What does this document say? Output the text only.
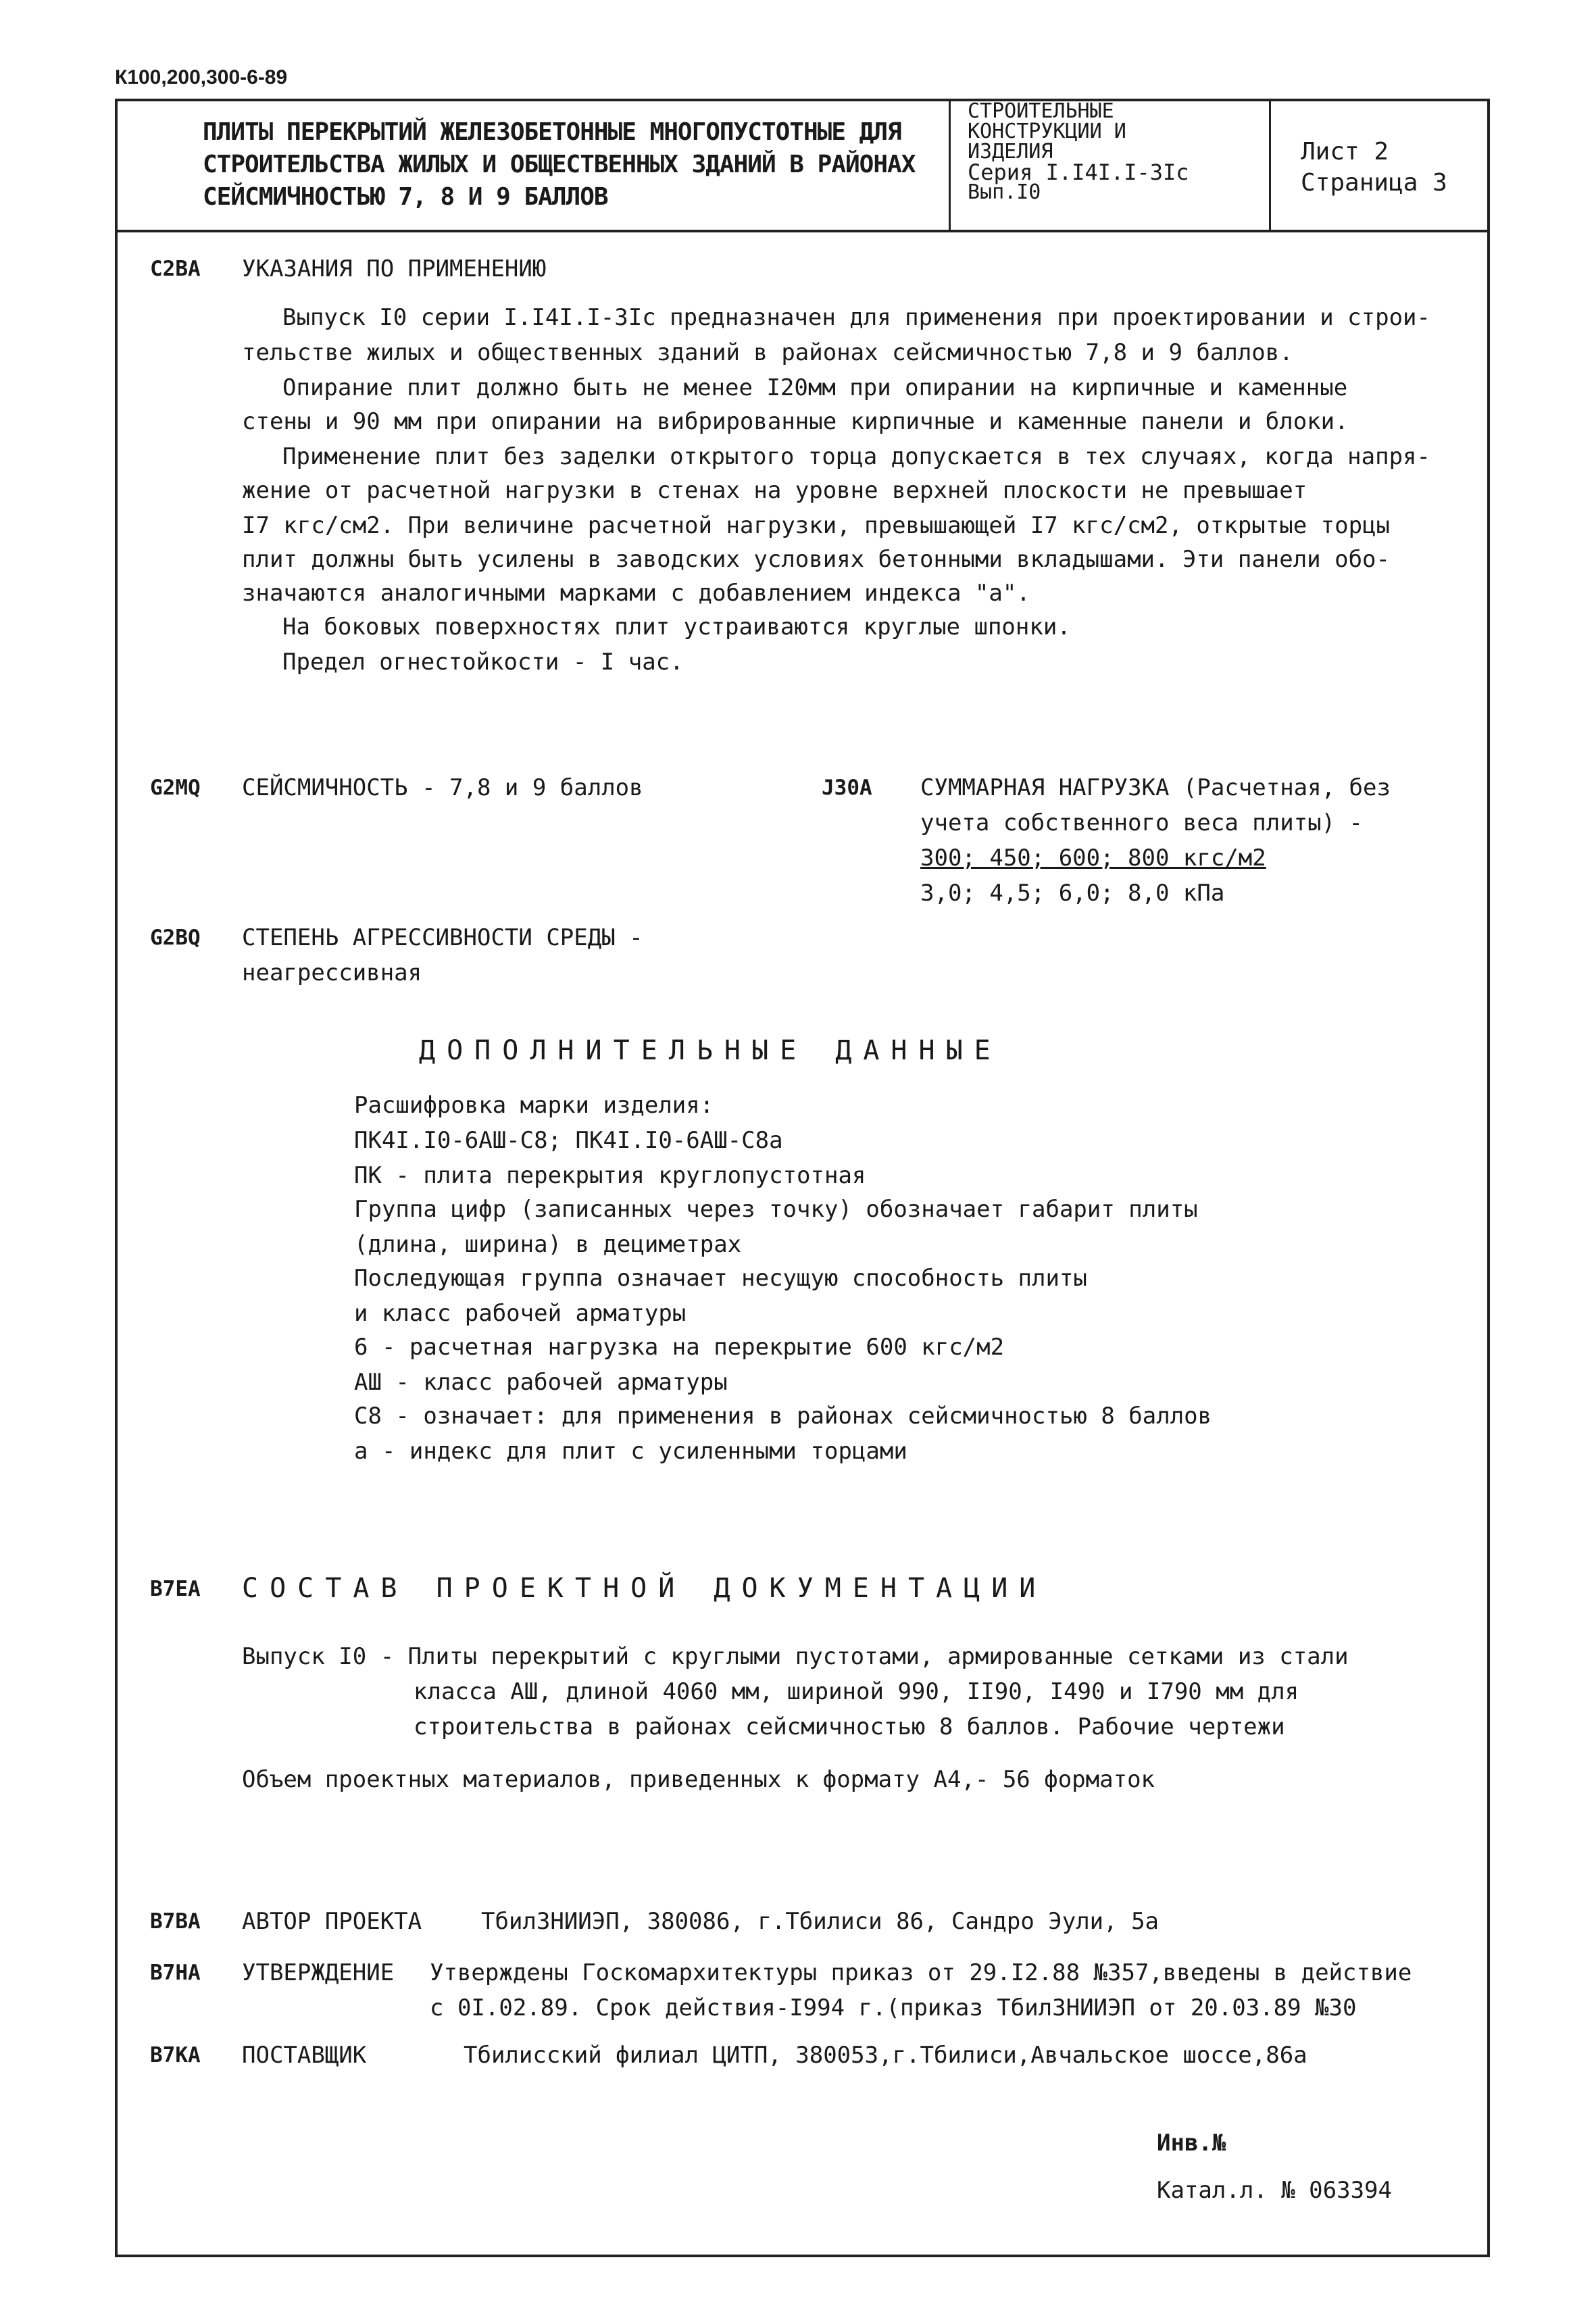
К100,200,300-6-89
ПЛИТЫ ПЕРЕКРЫТИЙ ЖЕЛЕЗОБЕТОННЫЕ МНОГОПУСТОТНЫЕ ДЛЯ
СТРОИТЕЛЬСТВА ЖИЛЫХ И ОБЩЕСТВЕННЫХ ЗДАНИЙ В РАЙОНАХ
СЕЙСМИЧНОСТЬЮ 7, 8 И 9 БАЛЛОВ
СТРОИТЕЛЬНЫЕ
КОНСТРУКЦИИ И
ИЗДЕЛИЯ
Серия I.I4I.I-3Ic
Вып.I0
Лист 2
Страница 3
C2BA УКАЗАНИЯ ПО ПРИМЕНЕНИЮ
Выпуск I0 серии I.I4I.I-3Ic предназначен для применения при проектировании и строи-
тельстве жилых и общественных зданий в районах сейсмичностью 7,8 и 9 баллов.
Опирание плит должно быть не менее I20мм при опирании на кирпичные и каменные
стены и 90 мм при опирании на вибрированные кирпичные и каменные панели и блоки.
Применение плит без заделки открытого торца допускается в тех случаях, когда напря-
жение от расчетной нагрузки в стенах на уровне верхней плоскости не превышает
I7 кгс/см2. При величине расчетной нагрузки, превышающей I7 кгс/см2, открытые торцы
плит должны быть усилены в заводских условиях бетонными вкладышами. Эти панели обо-
значаются аналогичными марками с добавлением индекса "а".
На боковых поверхностях плит устраиваются круглые шпонки.
Предел огнестойкости - I час.
G2MQ СЕЙСМИЧНОСТЬ - 7,8 и 9 баллов	J30A СУММАРНАЯ НАГРУЗКА (Расчетная, без
учета собственного веса плиты) -
300; 450; 600; 800 кгс/м2
3,0; 4,5; 6,0; 8,0 кПа
G2BQ СТЕПЕНЬ АГРЕССИВНОСТИ СРЕДЫ -
неагрессивная
ДОПОЛНИТЕЛЬНЫЕ ДАННЫЕ
Расшифровка марки изделия:
ПК4I.I0-6АШ-С8; ПК4I.I0-6АШ-С8а
ПК - плита перекрытия круглопустотная
Группа цифр (записанных через точку) обозначает габарит плиты
(длина, ширина) в дециметрах
Последующая группа означает несущую способность плиты
и класс рабочей арматуры
6 - расчетная нагрузка на перекрытие 600 кгс/м2
АШ - класс рабочей арматуры
С8 - означает: для применения в районах сейсмичностью 8 баллов
а - индекс для плит с усиленными торцами
B7EA СОСТАВ ПРОЕКТНОЙ ДОКУМЕНТАЦИИ
Выпуск I0 - Плиты перекрытий с круглыми пустотами, армированные сетками из стали
класса АШ, длиной 4060 мм, шириной 990, II90, I490 и I790 мм для
строительства в районах сейсмичностью 8 баллов. Рабочие чертежи
Объем проектных материалов, приведенных к формату А4,- 56 форматок
B7BA АВТОР ПРОЕКТА	ТбилЗНИИЭП, 380086, г.Тбилиси 86, Сандро Эули, 5а
B7HA УТВЕРЖДЕНИЕ Утверждены Госкомархитектуры приказ от 29.I2.88 №357,введены в действие
с 0I.02.89. Срок действия-I994 г.(приказ ТбилЗНИИЭП от 20.03.89 №30
B7KA ПОСТАВЩИК	Тбилисский филиал ЦИТП, 380053,г.Тбилиси,Авчальское шоссе,86а
Инв.№
Катал.л. № 063394
